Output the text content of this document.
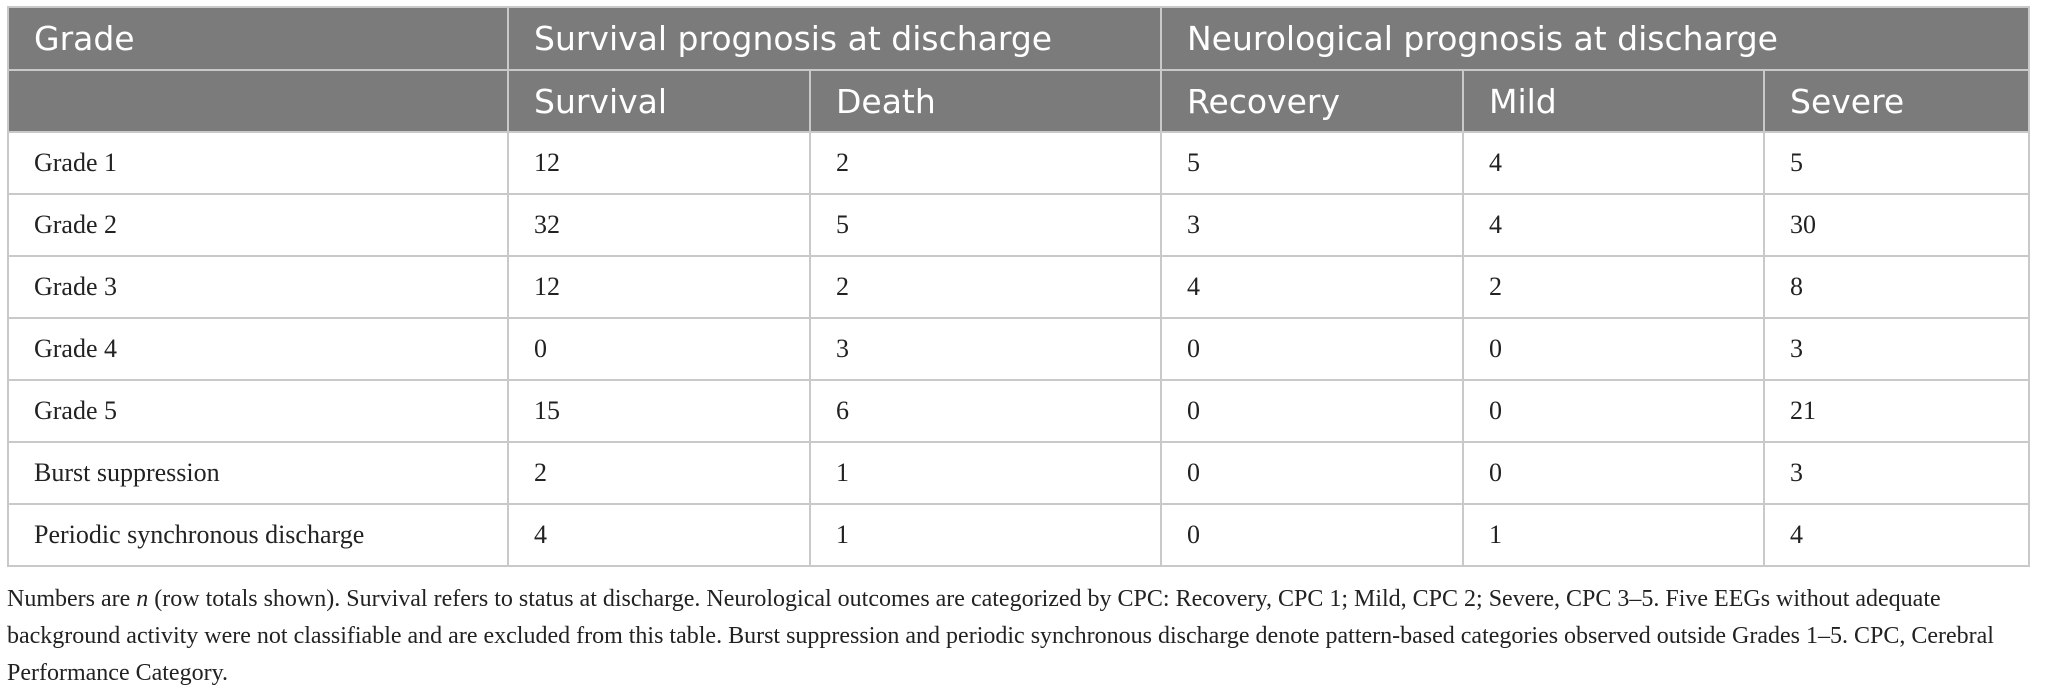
Grade	Survival prognosis at discharge		Neurological prognosis at discharge		
	Survival	Death	Recovery	Mild	Severe
Grade 1	12	2	5	4	5
Grade 2	32	5	3	4	30
Grade 3	12	2	4	2	8
Grade 4	0	3	0	0	3
Grade 5	15	6	0	0	21
Burst suppression	2	1	0	0	3
Periodic synchronous discharge	4	1	0	1	4
Numbers are n (row totals shown). Survival refers to status at discharge. Neurological outcomes are categorized by CPC: Recovery, CPC 1; Mild, CPC 2; Severe, CPC 3–5. Five EEGs without adequate background activity were not classifiable and are excluded from this table. Burst suppression and periodic synchronous discharge denote pattern-based categories observed outside Grades 1–5. CPC, Cerebral Performance Category.
